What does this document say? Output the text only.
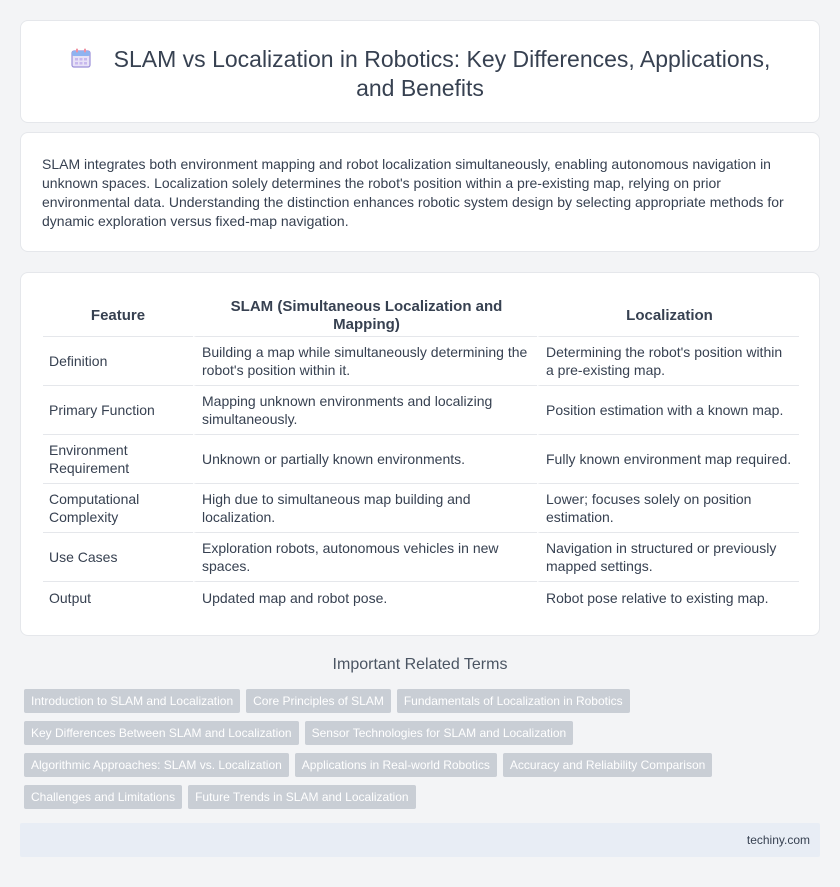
SLAM vs Localization in Robotics: Key Differences, Applications,
and Benefits

SLAM integrates both environment mapping and robot localization simultaneously, enabling autonomous navigation in unknown spaces. Localization solely determines the robot's position within a pre-existing map, relying on prior environmental data. Understanding the distinction enhances robotic system design by selecting appropriate methods for dynamic exploration versus fixed-map navigation.

Feature	SLAM (Simultaneous Localization and Mapping)	Localization
Definition	Building a map while simultaneously determining the robot's position within it.	Determining the robot's position within a pre-existing map.
Primary Function	Mapping unknown environments and localizing simultaneously.	Position estimation with a known map.
Environment Requirement	Unknown or partially known environments.	Fully known environment map required.
Computational Complexity	High due to simultaneous map building and localization.	Lower; focuses solely on position estimation.
Use Cases	Exploration robots, autonomous vehicles in new spaces.	Navigation in structured or previously mapped settings.
Output	Updated map and robot pose.	Robot pose relative to existing map.
Important Related Terms
Introduction to SLAM and Localization Core Principles of SLAM Fundamentals of Localization in Robotics
Key Differences Between SLAM and Localization Sensor Technologies for SLAM and Localization
Algorithmic Approaches: SLAM vs. Localization Applications in Real-world Robotics Accuracy and Reliability Comparison
Challenges and Limitations Future Trends in SLAM and Localization
techiny.com
